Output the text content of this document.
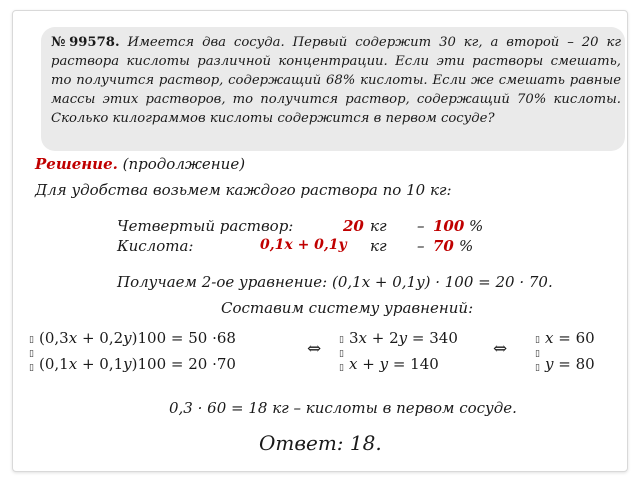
№99578. Имеется два сосуда. Первый содержит 30 кг, а второй – 20 кг раствора кислоты различной концентрации. Если эти растворы смешать, то получится раствор, содержащий 68% кислоты. Если же смешать равные массы этих растворов, то получится раствор, содержащий 70% кислоты. Сколько килограммов кислоты содержится в первом сосуде?
Решение. (продолжение)
Для удобства возьмем каждого раствора по 10 кг:
Четвертый раствор:	20 кг – 100 %
Кислота:	0,1x + 0,1y кг – 70 %
Получаем 2-ое уравнение: (0,1x + 0,1y) · 100 = 20 · 70.
Составим систему уравнений:
▯
▯
▯
(0,3x + 0,2y)100 = 50 ·68
(0,1x + 0,1y)100 = 20 ·70
⇔ ▯
▯
▯
3x + 2y = 340
x + y = 140
⇔	▯
▯
▯
x = 60
y = 80
0,3 · 60 = 18 кг – кислоты в первом сосуде.
Ответ: 18.
